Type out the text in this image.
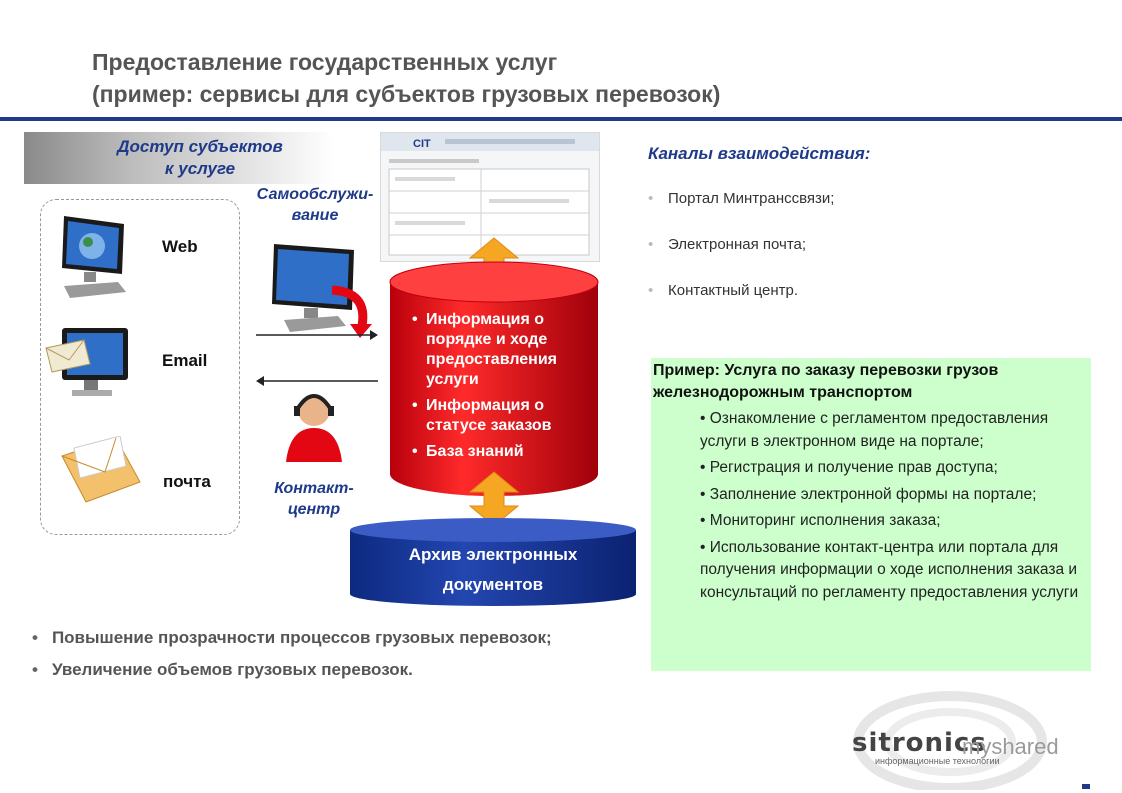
Предоставление государственных услуг
(пример: сервисы для субъектов грузовых перевозок)
Доступ субъектов
к услуге
Web
Email
почта
Самообслужи-
вание
Контакт-
центр
CIT
• Информация о порядке и ходе предоставления услуги
• Информация о статусе заказов
• База знаний
Архив электронных
документов
Каналы взаимодействия:
• Портал Минтранссвязи;
• Электронная почта;
• Контактный центр.
Пример: Услуга по заказу перевозки грузов железнодорожным транспортом
• Ознакомление с регламентом предоставления услуги в электронном виде на портале;
• Регистрация и получение прав доступа;
• Заполнение электронной формы на портале;
• Мониторинг исполнения заказа;
• Использование контакт-центра или портала для получения информации о ходе исполнения заказа и консультаций по регламенту предоставления услуги
• Повышение прозрачности процессов грузовых перевозок;
• Увеличение объемов грузовых перевозок.
sitronics
информационные технологии
myshared
